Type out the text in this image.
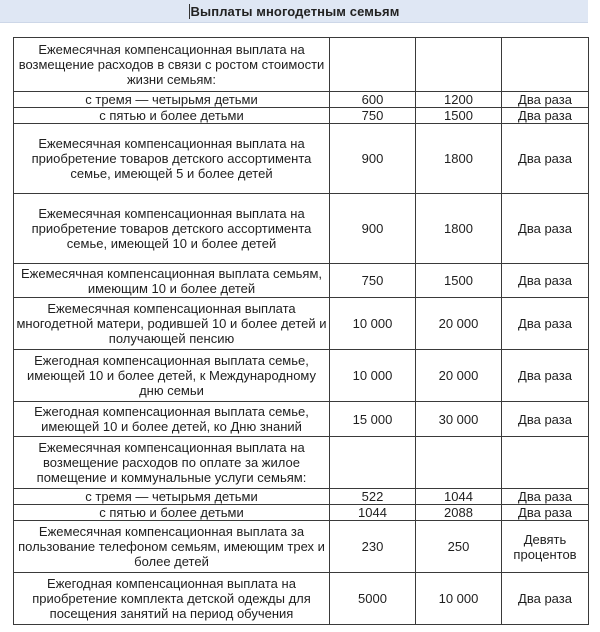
Выплаты многодетным семьям
Ежемесячная компенсационная выплата на возмещение расходов в связи с ростом стоимости жизни семьям:			
с тремя — четырьмя детьми	600	1200	Два раза
с пятью и более детьми	750	1500	Два раза
Ежемесячная компенсационная выплата на приобретение товаров детского ассортимента семье, имеющей 5 и более детей	900	1800	Два раза
Ежемесячная компенсационная выплата на приобретение товаров детского ассортимента семье, имеющей 10 и более детей	900	1800	Два раза
Ежемесячная компенсационная выплата семьям, имеющим 10 и более детей	750	1500	Два раза
Ежемесячная компенсационная выплата многодетной матери, родившей 10 и более детей и получающей пенсию	10 000	20 000	Два раза
Ежегодная компенсационная выплата семье, имеющей 10 и более детей, к Международному дню семьи	10 000	20 000	Два раза
Ежегодная компенсационная выплата семье, имеющей 10 и более детей, ко Дню знаний	15 000	30 000	Два раза
Ежемесячная компенсационная выплата на возмещение расходов по оплате за жилое помещение и коммунальные услуги семьям:			
с тремя — четырьмя детьми	522	1044	Два раза
с пятью и более детьми	1044	2088	Два раза
Ежемесячная компенсационная выплата за пользование телефоном семьям, имеющим трех и более детей	230	250	Девять процентов
Ежегодная компенсационная выплата на приобретение комплекта детской одежды для посещения занятий на период обучения	5000	10 000	Два раза
